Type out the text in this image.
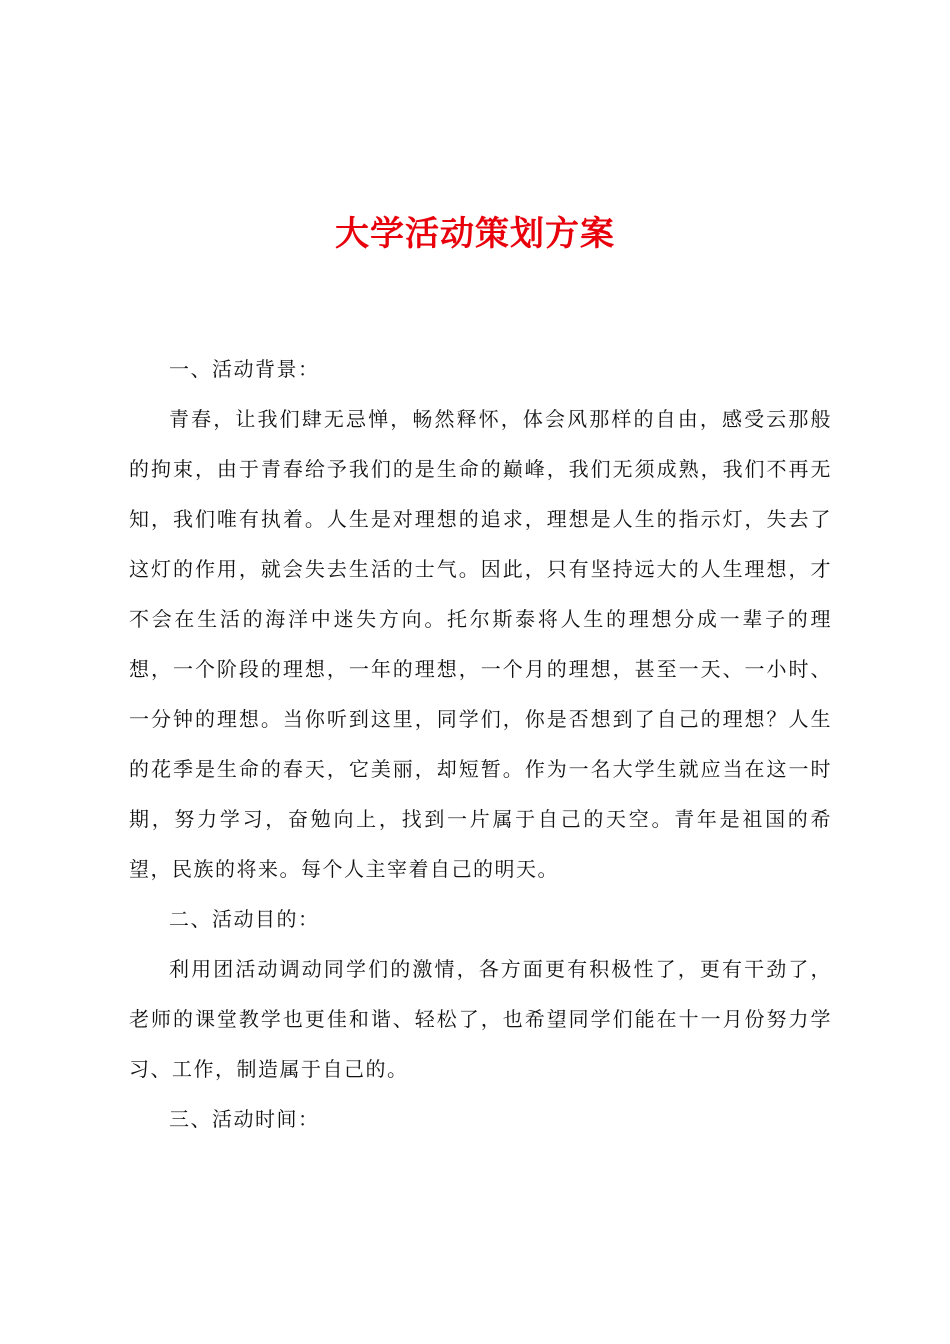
大学活动策划方案

一、活动背景：

青春，让我们肆无忌惮，畅然释怀，体会风那样的自由，感受云那般的拘束，由于青春给予我们的是生命的巅峰，我们无须成熟，我们不再无知，我们唯有执着。人生是对理想的追求，理想是人生的指示灯，失去了这灯的作用，就会失去生活的士气。因此，只有坚持远大的人生理想，才不会在生活的海洋中迷失方向。托尔斯泰将人生的理想分成一辈子的理想，一个阶段的理想，一年的理想，一个月的理想，甚至一天、一小时、一分钟的理想。当你听到这里，同学们，你是否想到了自己的理想？人生的花季是生命的春天，它美丽，却短暂。作为一名大学生就应当在这一时期，努力学习，奋勉向上，找到一片属于自己的天空。青年是祖国的希望，民族的将来。每个人主宰着自己的明天。

二、活动目的：

利用团活动调动同学们的激情，各方面更有积极性了，更有干劲了，老师的课堂教学也更佳和谐、轻松了，也希望同学们能在十一月份努力学习、工作，制造属于自己的。

三、活动时间：
